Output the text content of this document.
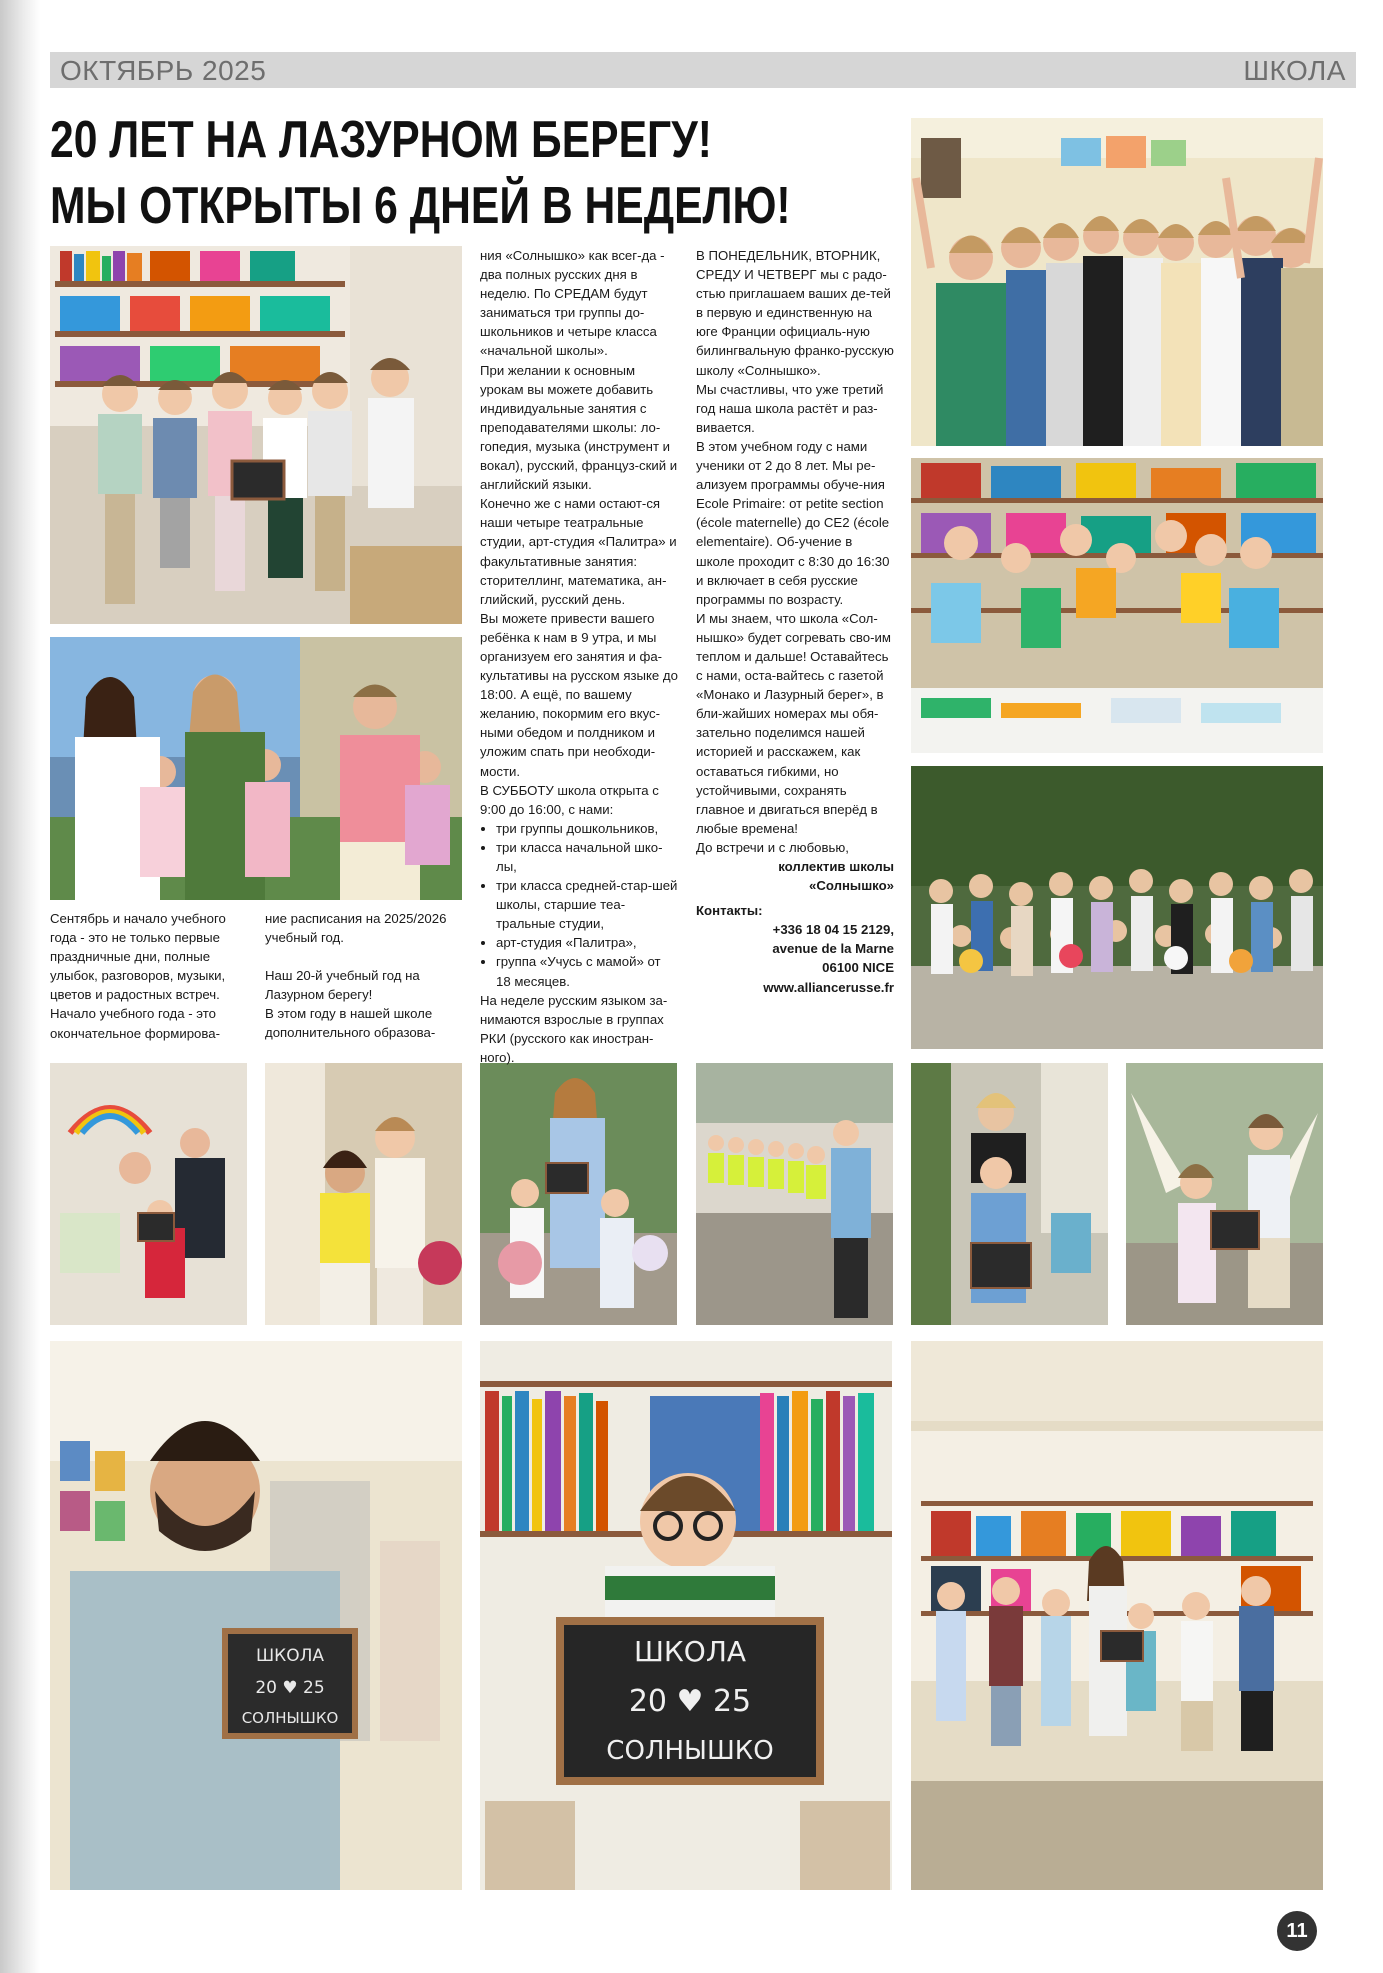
ОКТЯБРЬ 2025	ШКОЛА
20 ЛЕТ НА ЛАЗУРНОМ БЕРЕГУ!
МЫ ОТКРЫТЫ 6 ДНЕЙ В НЕДЕЛЮ!
ШКОЛА
20 ♥ 25
СОЛНЫШКО
ШКОЛА
20 ♥ 25
СОЛНЫШКО

Сентябрь и начало учебного года - это не только первые праздничные дни, полные улыбок, разговоров, музыки, цветов и радостных встреч. Начало учебного года - это окончательное формирова-

ние расписания на 2025/2026 учебный год.

Наш 20-й учебный год на Лазурном берегу!

В этом году в нашей школе дополнительного образова-

ния «Солнышко» как всег-да - два полных русских дня в неделю. По СРЕДАМ будут заниматься три группы до-школьников и четыре класса «начальной школы».

При желании к основным урокам вы можете добавить индивидуальные занятия с преподавателями школы: ло-гопедия, музыка (инструмент и вокал), русский, француз-ский и английский языки.

Конечно же с нами остают-ся наши четыре театральные студии, арт-студия «Палитра» и факультативные занятия: сторителлинг, математика, ан-глийский, русский день.

Вы можете привести вашего ребёнка к нам в 9 утра, и мы организуем его занятия и фа-культативы на русском языке до 18:00. А ещё, по вашему желанию, покормим его вкус-ными обедом и полдником и уложим спать при необходи-мости.

В СУББОТУ школа открыта с 9:00 до 16:00, с нами:

• три группы дошкольников,
• три класса начальной шко-лы,
• три класса средней-стар-шей школы, старшие теа-тральные студии,
• арт-студия «Палитра»,
• группа «Учусь с мамой» от 18 месяцев.

На неделе русским языком за-нимаются взрослые в группах РКИ (русского как иностран-ного).

В ПОНЕДЕЛЬНИК, ВТОРНИК, СРЕДУ И ЧЕТВЕРГ мы с радо-стью приглашаем ваших де-тей в первую и единственную на юге Франции официаль-ную билингвальную франко-русскую школу «Солнышко».

Мы счастливы, что уже третий год наша школа растёт и раз-вивается.

В этом учебном году с нами ученики от 2 до 8 лет. Мы ре-ализуем программы обуче-ния Ecole Primaire: от petite section (école maternelle) до CE2 (école elementaire). Об-учение в школе проходит с 8:30 до 16:30 и включает в себя русские программы по возрасту.

И мы знаем, что школа «Сол-нышко» будет согревать сво-им теплом и дальше! Оставайтесь с нами, оста-вайтесь с газетой «Монако и Лазурный берег», в бли-жайших номерах мы обя-зательно поделимся нашей историей и расскажем, как оставаться гибкими, но устойчивыми, сохранять главное и двигаться вперёд в любые времена!

До встречи и с любовью,

коллектив школы

«Солнышко»

Контакты:

+336 18 04 15 2129,

avenue de la Marne

06100 NICE

www.alliancerusse.fr

11
